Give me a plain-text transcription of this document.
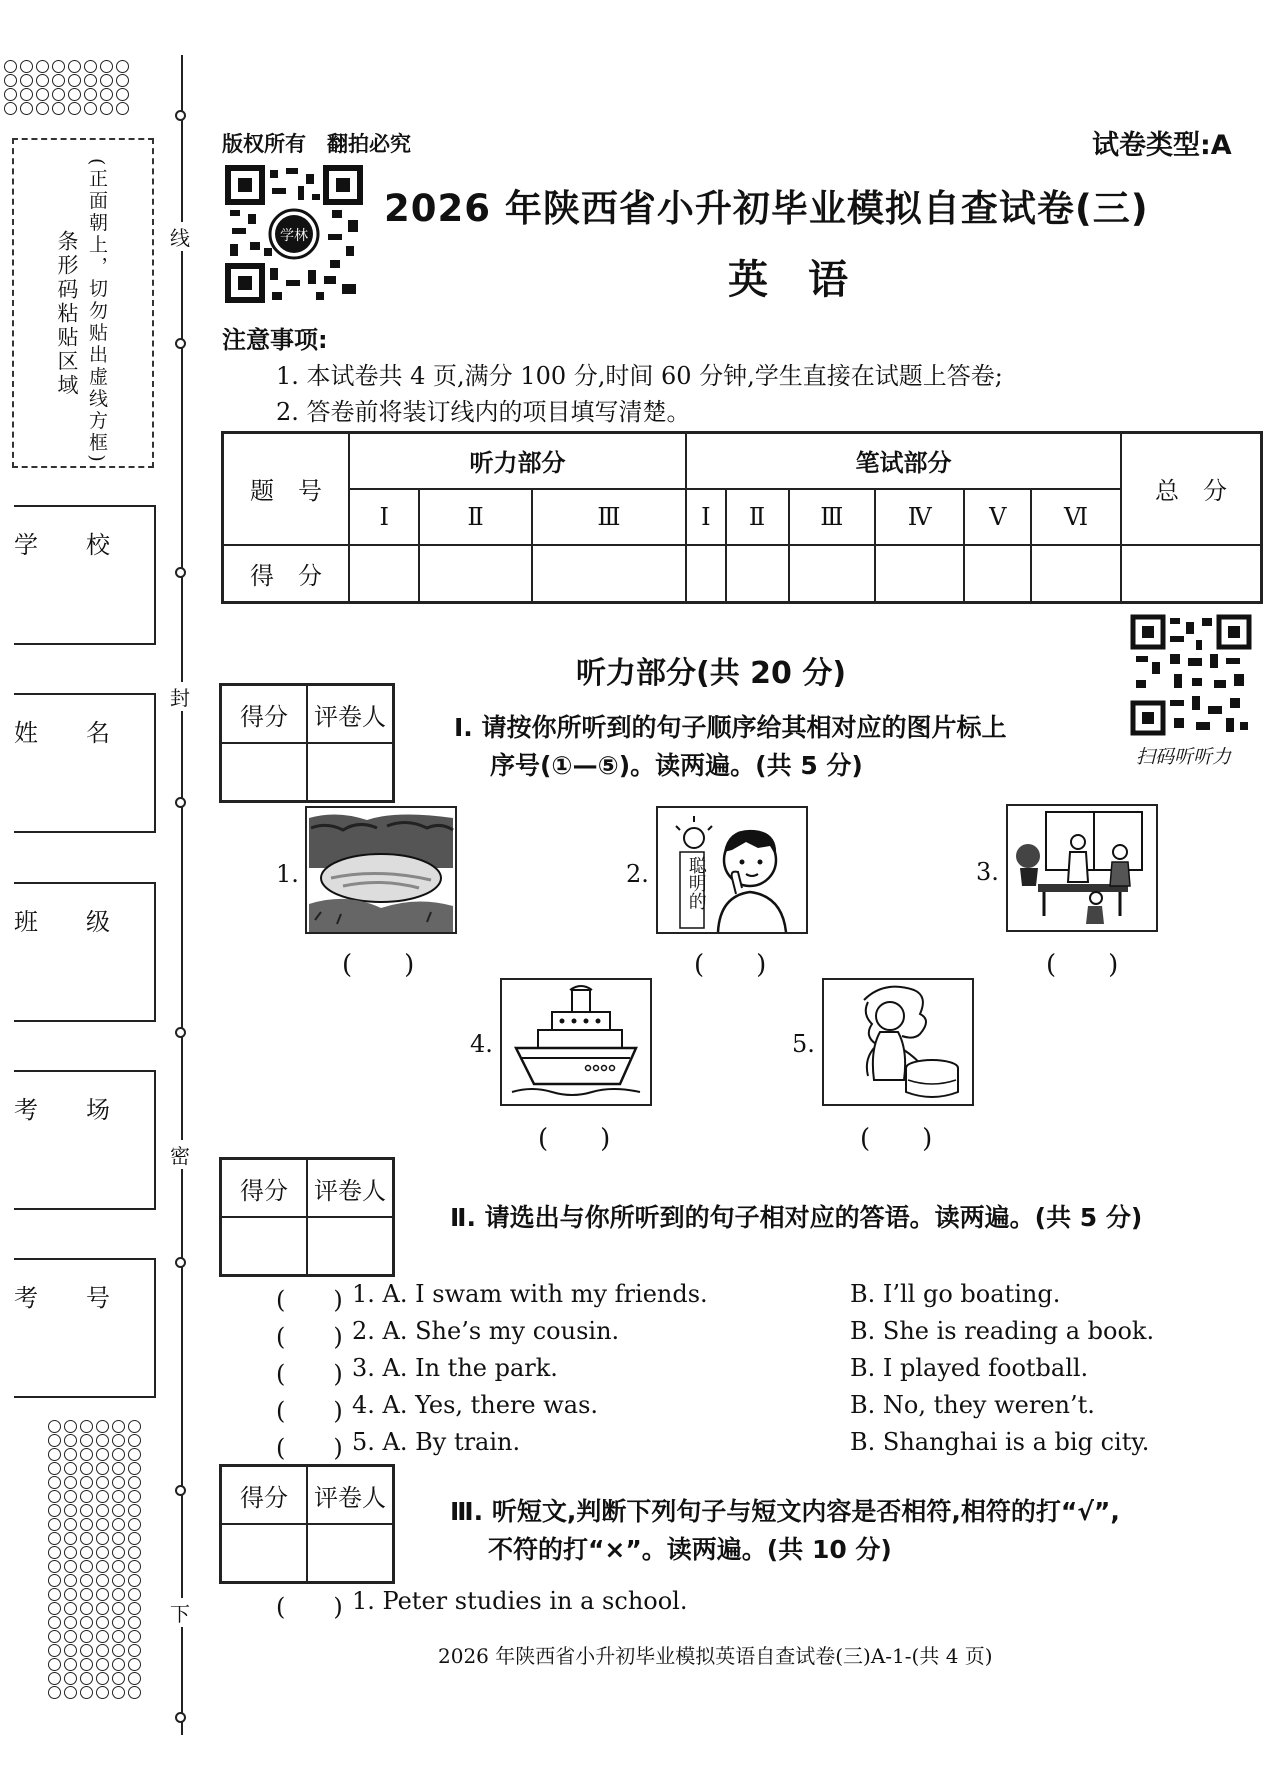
条形码粘贴区域 (正面朝上，切勿贴出虚线方框)
学　　校
姓　　名
班　　级
考　　场
考　　号
线
封
密
下
版权所有　翻拍必究	试卷类型:A
学林
2026 年陕西省小升初毕业模拟自查试卷(三)
英　语
注意事项:
1. 本试卷共 4 页,满分 100 分,时间 60 分钟,学生直接在试题上答卷;
2. 答卷前将装订线内的项目填写清楚。
题　号	听力部分			笔试部分						总　分
	Ⅰ	Ⅱ	Ⅲ	Ⅰ	Ⅱ	Ⅲ	Ⅳ	Ⅴ	Ⅵ	
得　分										
听力部分(共 20 分)
扫码听听力
得分	评卷人
		Ⅰ. 请按你所听到的句子顺序给其相对应的图片标上
序号(①—⑤)。读两遍。(共 5 分)
1.
(　　)
2. 聪明的
(　　)
3.
(　　)
4.
(　　)
5.
(　　)
得分	评卷人

Ⅱ. 请选出与你所听到的句子相对应的答语。读两遍。(共 5 分)
(　　) 1. A. I swam with my friends.	B. I’ll go boating.
(　　) 2. A. She’s my cousin.	B. She is reading a book.
(　　) 3. A. In the park.	B. I played football.
(　　) 4. A. Yes, there was.	B. No, they weren’t.
(　　) 5. A. By train.	B. Shanghai is a big city.
得分	评卷人
		Ⅲ. 听短文,判断下列句子与短文内容是否相符,相符的打“√”,
不符的打“×”。读两遍。(共 10 分)
(　　) 1. Peter studies in a school.
2026 年陕西省小升初毕业模拟英语自查试卷(三)A-1-(共 4 页)
